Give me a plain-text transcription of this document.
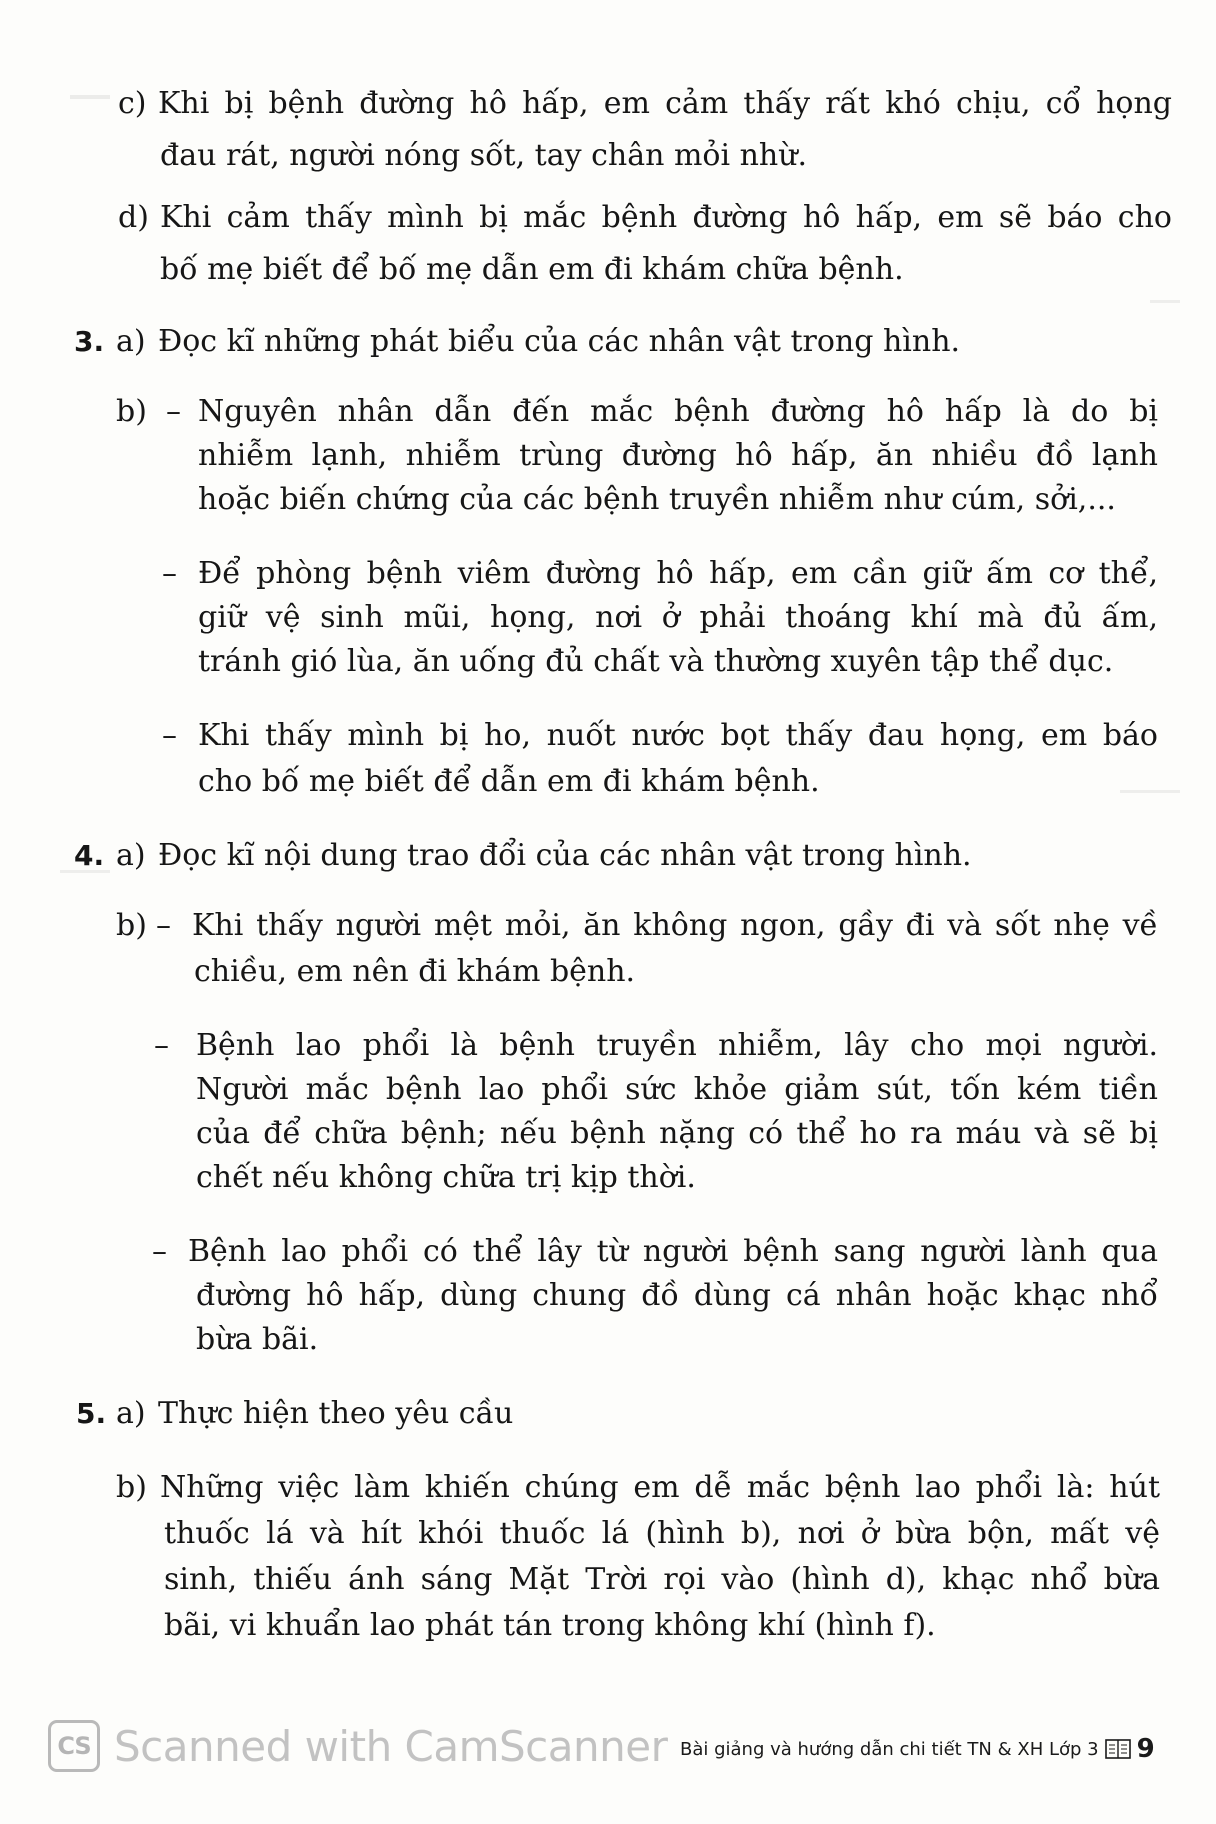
c) Khi bị bệnh đường hô hấp, em cảm thấy rất khó chịu, cổ họng
đau rát, người nóng sốt, tay chân mỏi nhừ.
d) Khi cảm thấy mình bị mắc bệnh đường hô hấp, em sẽ báo cho
bố mẹ biết để bố mẹ dẫn em đi khám chữa bệnh.
3. a) Đọc kĩ những phát biểu của các nhân vật trong hình.
b) – Nguyên nhân dẫn đến mắc bệnh đường hô hấp là do bị
nhiễm lạnh, nhiễm trùng đường hô hấp, ăn nhiều đồ lạnh
hoặc biến chứng của các bệnh truyền nhiễm như cúm, sởi,...
– Để phòng bệnh viêm đường hô hấp, em cần giữ ấm cơ thể,
giữ vệ sinh mũi, họng, nơi ở phải thoáng khí mà đủ ấm,
tránh gió lùa, ăn uống đủ chất và thường xuyên tập thể dục.
– Khi thấy mình bị ho, nuốt nước bọt thấy đau họng, em báo
cho bố mẹ biết để dẫn em đi khám bệnh.
4. a) Đọc kĩ nội dung trao đổi của các nhân vật trong hình.
b) – Khi thấy người mệt mỏi, ăn không ngon, gầy đi và sốt nhẹ về
chiều, em nên đi khám bệnh.
– Bệnh lao phổi là bệnh truyền nhiễm, lây cho mọi người.
Người mắc bệnh lao phổi sức khỏe giảm sút, tốn kém tiền
của để chữa bệnh; nếu bệnh nặng có thể ho ra máu và sẽ bị
chết nếu không chữa trị kịp thời.
– Bệnh lao phổi có thể lây từ người bệnh sang người lành qua
đường hô hấp, dùng chung đồ dùng cá nhân hoặc khạc nhổ
bừa bãi.
5. a) Thực hiện theo yêu cầu
b) Những việc làm khiến chúng em dễ mắc bệnh lao phổi là: hút
thuốc lá và hít khói thuốc lá (hình b), nơi ở bừa bộn, mất vệ
sinh, thiếu ánh sáng Mặt Trời rọi vào (hình d), khạc nhổ bừa
bãi, vi khuẩn lao phát tán trong không khí (hình f).
CS Scanned with CamScanner Bài giảng và hướng dẫn chi tiết TN & XH Lớp 3 9
